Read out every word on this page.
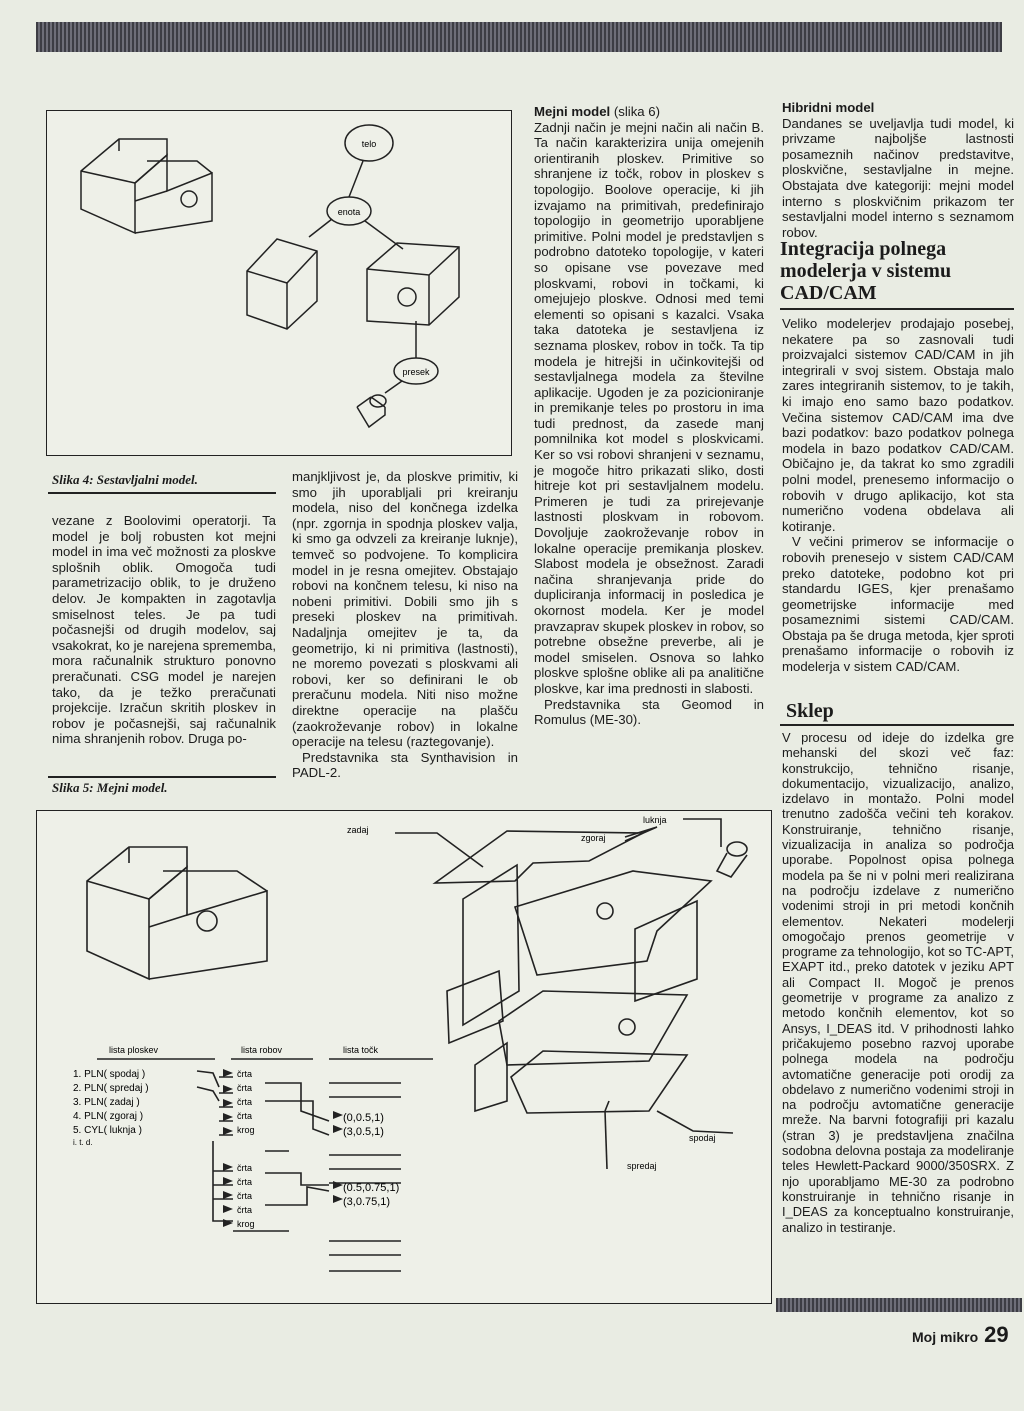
telo
enota
presek
Slika 4: Sestavljalni model.

vezane z Boolovimi operatorji. Ta model je bolj robusten kot mejni model in ima več možnosti za ploskve splošnih oblik. Omogoča tudi parametrizacijo oblik, to je druženo delov. Je kompakten in zagotavlja smiselnost teles. Je pa tudi počasnejši od drugih modelov, saj vsakokrat, ko je narejena sprememba, mora računalnik strukturo ponovno preračunati. CSG model je narejen tako, da je težko preračunati projekcije. Izračun skritih ploskev in robov je počasnejši, saj računalnik nima shranjenih robov. Druga po-

Slika 5: Mejni model.

manjkljivost je, da ploskve primitiv, ki smo jih uporabljali pri kreiranju modela, niso del končnega izdelka (npr. zgornja in spodnja ploskev valja, ki smo ga odvzeli za kreiranje luknje), temveč so podvojene. To komplicira model in je resna omejitev. Obstajajo robovi na končnem telesu, ki niso na nobeni primitivi. Dobili smo jih s preseki ploskev na primitivah. Nadaljnja omejitev je ta, da geometrijo, ki ni primitiva (lastnosti), ne moremo povezati s ploskvami ali robovi, ker so definirani le ob preračunu modela. Niti niso možne direktne operacije na plašču (zaokroževanje robov) in lokalne operacije na telesu (raztegovanje).

Predstavnika sta Synthavision in PADL-2.

Mejni model (slika 6)

Zadnji način je mejni način ali način B. Ta način karakterizira unija omejenih orientiranih ploskev. Primitive so shranjene iz točk, robov in ploskev s topologijo. Boolove operacije, ki jih izvajamo na primitivah, predefinirajo topologijo in geometrijo uporabljene primitive. Polni model je predstavljen s podrobno datoteko topologije, v kateri so opisane vse povezave med ploskvami, robovi in točkami, ki omejujejo ploskve. Odnosi med temi elementi so opisani s kazalci. Vsaka taka datoteka je sestavljena iz seznama ploskev, robov in točk. Ta tip modela je hitrejši in učinkovitejši od sestavljalnega modela za številne aplikacije. Ugoden je za pozicioniranje in premikanje teles po prostoru in ima tudi prednost, da zasede manj pomnilnika kot model s ploskvicami. Ker so vsi robovi shranjeni v seznamu, je mogoče hitro prikazati sliko, dosti hitreje kot pri sestavljalnem modelu. Primeren je tudi za prirejevanje lastnosti ploskvam in robovom. Dovoljuje zaokroževanje robov in lokalne operacije premikanja ploskev. Slabost modela je obsežnost. Zaradi načina shranjevanja pride do dupliciranja informacij in posledica je okornost modela. Ker je model pravzaprav skupek ploskev in robov, so potrebne obsežne preverbe, ali je model smiselen. Osnova so lahko ploskve splošne oblike ali pa analitične ploskve, kar ima prednosti in slabosti.

Predstavnika sta Geomod in Romulus (ME-30).

Hibridni model

Dandanes se uveljavlja tudi model, ki privzame najboljše lastnosti posameznih načinov predstavitve, ploskvične, sestavljalne in mejne. Obstajata dve kategoriji: mejni model interno s ploskvičnim prikazom ter sestavljalni model interno s seznamom robov.

Integracija polnega modelerja v sistemu CAD/CAM

Veliko modelerjev prodajajo posebej, nekatere pa so zasnovali tudi proizvajalci sistemov CAD/CAM in jih integrirali v svoj sistem. Obstaja malo zares integriranih sistemov, to je takih, ki imajo eno samo bazo podatkov. Večina sistemov CAD/CAM ima dve bazi podatkov: bazo podatkov polnega modela in bazo podatkov CAD/CAM. Običajno je, da takrat ko smo zgradili polni model, prenesemo informacijo o robovih v drugo aplikacijo, kot sta numerično vodena obdelava ali kotiranje.

V večini primerov se informacije o robovih prenesejo v sistem CAD/CAM preko datoteke, podobno kot pri standardu IGES, kjer prenašamo geometrijske informacije med posameznimi sistemi CAD/CAM. Obstaja pa še druga metoda, kjer sproti prenašamo informacije o robovih iz modelerja v sistem CAD/CAM.

Sklep

V procesu od ideje do izdelka gre mehanski del skozi več faz: konstrukcijo, tehnično risanje, dokumentacijo, vizualizacijo, analizo, izdelavo in montažo. Polni model trenutno zadošča večini teh korakov. Konstruiranje, tehnično risanje, vizualizacija in analiza so področja uporabe. Popolnost opisa polnega modela pa še ni v polni meri realizirana na področju izdelave z numerično vodenimi stroji in pri metodi končnih elementov. Nekateri modelerji omogočajo prenos geometrije v programe za tehnologijo, kot so TC-APT, EXAPT itd., preko datotek v jeziku APT ali Compact II. Mogoč je prenos geometrije v programe za analizo z metodo končnih elementov, kot so Ansys, I_DEAS itd. V prihodnosti lahko pričakujemo posebno razvoj uporabe polnega modela na področju avtomatične generacije poti orodij za obdelavo z numerično vodenimi stroji in na področju avtomatične generacije mreže. Na barvni fotografiji pri kazalu (stran 3) je predstavljena značilna sodobna delovna postaja za modeliranje teles Hewlett-Packard 9000/350SRX. Z njo uporabljamo ME-30 za podrobno konstruiranje in tehnično risanje in I_DEAS za konceptualno konstruiranje, analizo in testiranje.

zadaj
zgoraj
luknja
spodaj
spredaj
lista ploskev	lista robov	lista točk
1. PLN( spodaj )
2. PLN( spredaj )
3. PLN( zadaj )
4. PLN( zgoraj )
5. CYL( luknja )
i. t. d.
črta
črta
črta
črta
krog
črta
črta
črta
črta
krog
(0,0.5,1)
(3,0.5,1)
(0.5,0.75,1)
(3,0.75,1)
Moj mikro 29
